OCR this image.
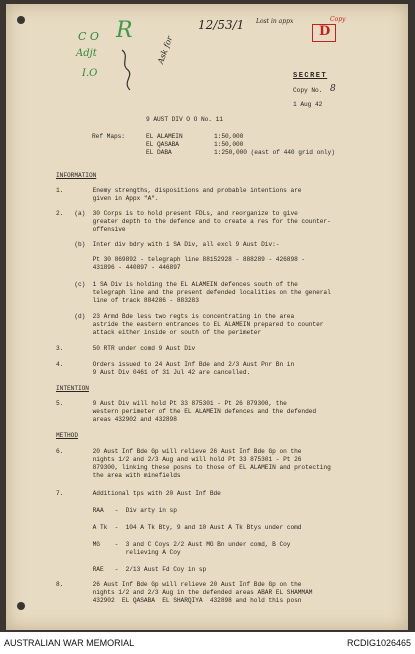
C O
Adjt
I.O
R
Ask for
12/53/1 Lost in appx	Copy
D
SECRET
Copy No. 8
1 Aug 42
9 AUST DIV O O No. 11
Ref Maps:	EL ALAMEIN	1:50,000
EL QASABA	1:50,000
EL DABA	1:250,000 (east of 440 grid only)
INFORMATION
1.        Enemy strengths, dispositions and probable intentions are
given in Appx "A".
2.   (a)  30 Corps is to hold present FDLs, and reorganize to give
greater depth to the defence and to create a res for the counter-
offensive
(b)  Inter div bdry with 1 SA Div, all excl 9 Aust Div:-
Pt 30 869892 - telegraph line 88152928 - 888289 - 426898 -
431896 - 440897 - 446897
(c)  1 SA Div is holding the EL ALAMEIN defences south of the
telegraph line and the present defended localities on the general
line of track 884286 - 883283
(d)  23 Armd Bde less two regts is concentrating in the area
astride the eastern entrances to EL ALAMEIN prepared to counter
attack either inside or south of the perimeter
3.        50 RTR under comd 9 Aust Div
4.        Orders issued to 24 Aust Inf Bde and 2/3 Aust Pnr Bn in
9 Aust Div 0461 of 31 Jul 42 are cancelled.
INTENTION
5.        9 Aust Div will hold Pt 33 875301 - Pt 26 879300, the
western perimeter of the EL ALAMEIN defences and the defended
areas 432902 and 432898
METHOD
6.        20 Aust Inf Bde Gp will relieve 26 Aust Inf Bde Gp on the
nights 1/2 and 2/3 Aug and will hold Pt 33 875301 - Pt 26
879300, linking these posns to those of EL ALAMEIN and protecting
the area with minefields
7.        Additional tps with 20 Aust Inf Bde
RAA   -  Div arty in sp
A Tk  -  104 A Tk Bty, 9 and 10 Aust A Tk Btys under comd
MG    -  3 and C Coys 2/2 Aust MG Bn under comd, B Coy
relieving A Coy
RAE   -  2/13 Aust Fd Coy in sp
8.        26 Aust Inf Bde Gp will relieve 20 Aust Inf Bde Gp on the
nights 1/2 and 2/3 Aug in the defended areas ABAR EL SHAMMAM
432902  EL QASABA  EL SHARQIYA  432898 and hold this posn
AUSTRALIAN WAR MEMORIAL	RCDIG1026465
